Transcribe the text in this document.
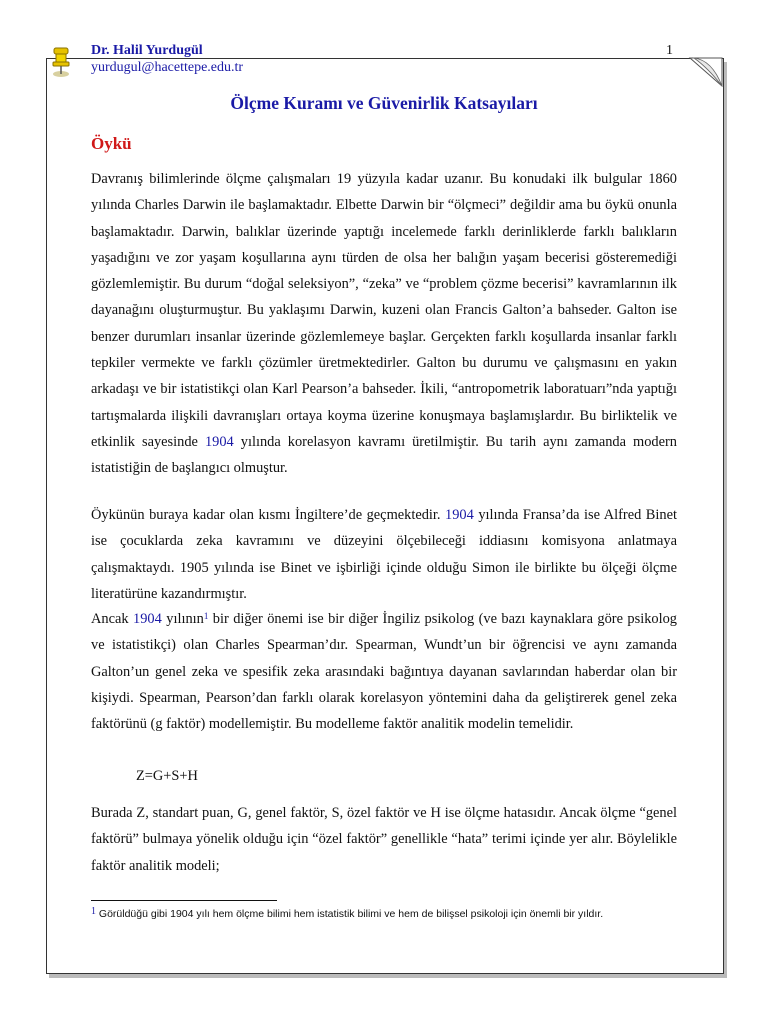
Dr. Halil Yurdugül
yurdugul@hacettepe.edu.tr
1
Ölçme Kuramı ve Güvenirlik Katsayıları
Öykü
Davranış bilimlerinde ölçme çalışmaları 19 yüzyıla kadar uzanır. Bu konudaki ilk bulgular 1860 yılında Charles Darwin ile başlamaktadır. Elbette Darwin bir “ölçmeci” değildir ama bu öykü onunla başlamaktadır. Darwin, balıklar üzerinde yaptığı incelemede farklı derinliklerde farklı balıkların yaşadığını ve zor yaşam koşullarına aynı türden de olsa her balığın yaşam becerisi gösteremediği gözlemlemiştir. Bu durum “doğal seleksiyon”, “zeka” ve “problem çözme becerisi” kavramlarının ilk dayanağını oluşturmuştur. Bu yaklaşımı Darwin, kuzeni olan Francis Galton’a bahseder. Galton ise benzer durumları insanlar üzerinde gözlemlemeye başlar. Gerçekten farklı koşullarda insanlar farklı tepkiler vermekte ve farklı çözümler üretmektedirler. Galton bu durumu ve çalışmasını en yakın arkadaşı ve bir istatistikçi olan Karl Pearson’a bahseder. İkili, “antropometrik laboratuarı”nda yaptığı tartışmalarda ilişkili davranışları ortaya koyma üzerine konuşmaya başlamışlardır. Bu birliktelik ve etkinlik sayesinde 1904 yılında korelasyon kavramı üretilmiştir. Bu tarih aynı zamanda modern istatistiğin de başlangıcı olmuştur.
Öykünün buraya kadar olan kısmı İngiltere’de geçmektedir. 1904 yılında Fransa’da ise Alfred Binet ise çocuklarda zeka kavramını ve düzeyini ölçebileceği iddiasını komisyona anlatmaya çalışmaktaydı. 1905 yılında ise Binet ve işbirliği içinde olduğu Simon ile birlikte bu ölçeği ölçme literatürüne kazandırmıştır.
Ancak 1904 yılının$^1$ bir diğer önemi ise bir diğer İngiliz psikolog (ve bazı kaynaklara göre psikolog ve istatistikçi) olan Charles Spearman’dır. Spearman, Wundt’un bir öğrencisi ve aynı zamanda Galton’un genel zeka ve spesifik zeka arasındaki bağıntıya dayanan savlarından haberdar olan bir kişiydi. Spearman, Pearson’dan farklı olarak korelasyon yöntemini daha da geliştirerek genel zeka faktörünü (g faktör) modellemiştir. Bu modelleme faktör analitik modelin temelidir.
Z=G+S+H
Burada Z, standart puan, G, genel faktör, S, özel faktör ve H ise ölçme hatasıdır. Ancak ölçme “genel faktörü” bulmaya yönelik olduğu için “özel faktör” genellikle “hata” terimi içinde yer alır. Böylelikle faktör analitik modeli;
$^1$ Görüldüğü gibi 1904 yılı hem ölçme bilimi hem istatistik bilimi ve hem de bilişsel psikoloji için önemli bir yıldır.
